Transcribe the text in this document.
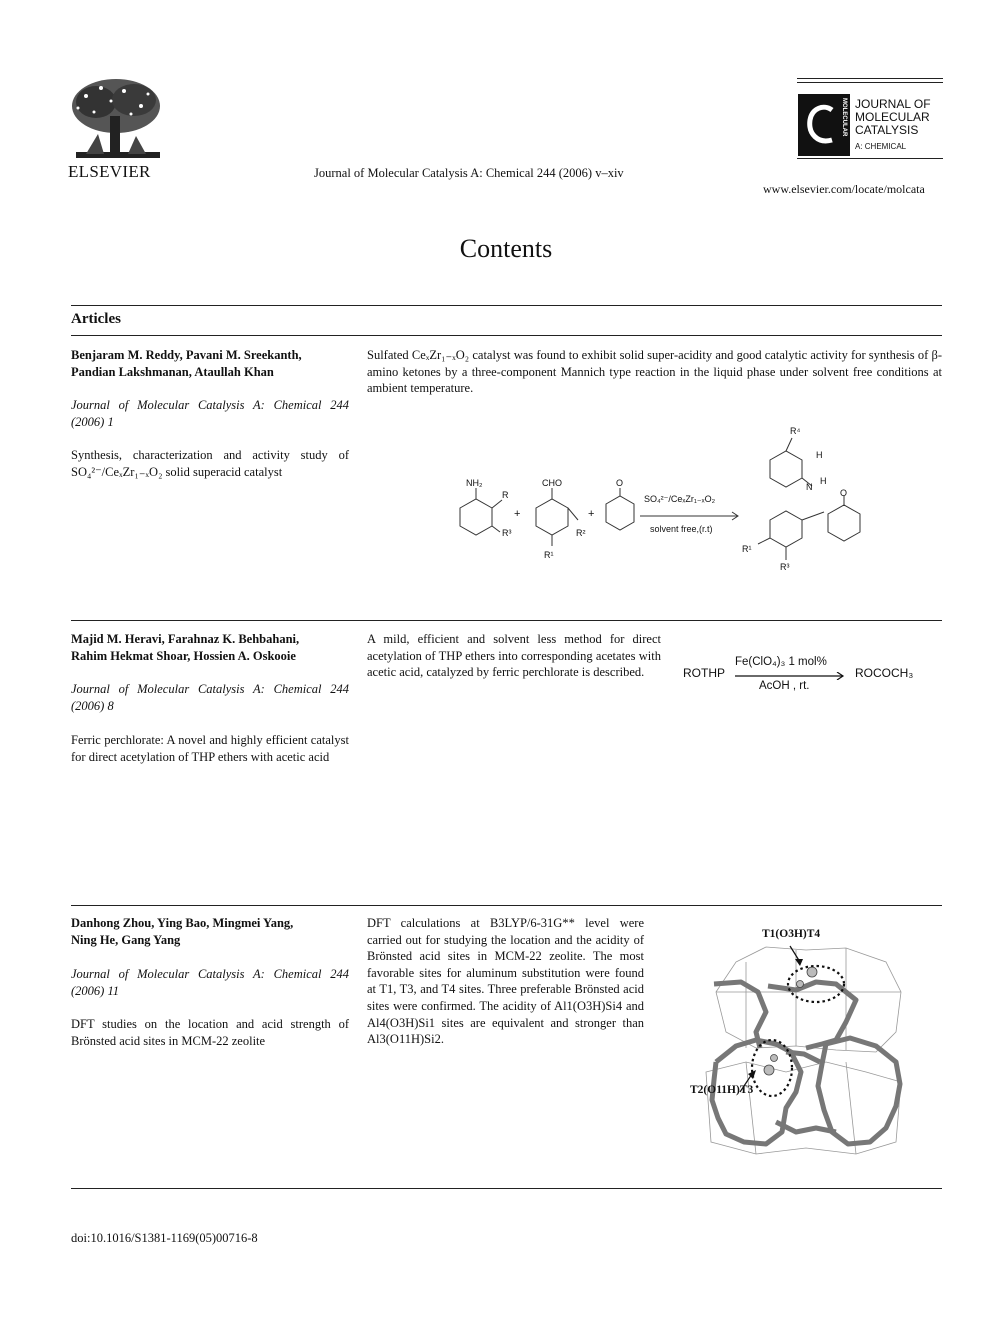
ELSEVIER	Journal of Molecular Catalysis A: Chemical 244 (2006) v–xiv
MOLECULAR JOURNAL OF
MOLECULAR
CATALYSIS
A: CHEMICAL
www.elsevier.com/locate/molcata
Contents
Articles
Benjaram M. Reddy, Pavani M. Sreekanth,
Pandian Lakshmanan, Ataullah Khan
Journal of Molecular Catalysis A: Chemical 244 (2006) 1
Synthesis, characterization and activity study of SO₄²⁻/CeₓZr₁₋ₓO₂ solid superacid catalyst
Sulfated CeₓZr₁₋ₓO₂ catalyst was found to exhibit solid super-acidity and good catalytic activity for synthesis of β-amino ketones by a three-component Mannich type reaction in the liquid phase under solvent free conditions at ambient temperature.
NH₂
R
R³
+
CHO
R²
R¹
+
O
SO₄²⁻/CeₓZr₁₋ₓO₂
solvent free,(r.t)
R⁴
H
N
H
O
R¹
R³
Majid M. Heravi, Farahnaz K. Behbahani,
Rahim Hekmat Shoar, Hossien A. Oskooie
Journal of Molecular Catalysis A: Chemical 244 (2006) 8
Ferric perchlorate: A novel and highly efficient catalyst for direct acetylation of THP ethers with acetic acid
A mild, efficient and solvent less method for direct acetylation of THP ethers into corresponding acetates with acetic acid, catalyzed by ferric perchlorate is described.	ROTHP
Fe(ClO₄)₃ 1 mol%
AcOH , rt.
ROCOCH₃
Danhong Zhou, Ying Bao, Mingmei Yang,
Ning He, Gang Yang
Journal of Molecular Catalysis A: Chemical 244 (2006) 11
DFT studies on the location and acid strength of Brönsted acid sites in MCM-22 zeolite
DFT calculations at B3LYP/6-31G** level were carried out for studying the location and the acidity of Brönsted acid sites in MCM-22 zeolite. The most favorable sites for aluminum substitution were found at T1, T3, and T4 sites. Three preferable Brönsted acid sites were confirmed. The acidity of Al1(O3H)Si4 and Al4(O3H)Si1 sites are equivalent and stronger than Al3(O11H)Si2.
T1(O3H)T4
T2(O11H)T3
doi:10.1016/S1381-1169(05)00716-8
